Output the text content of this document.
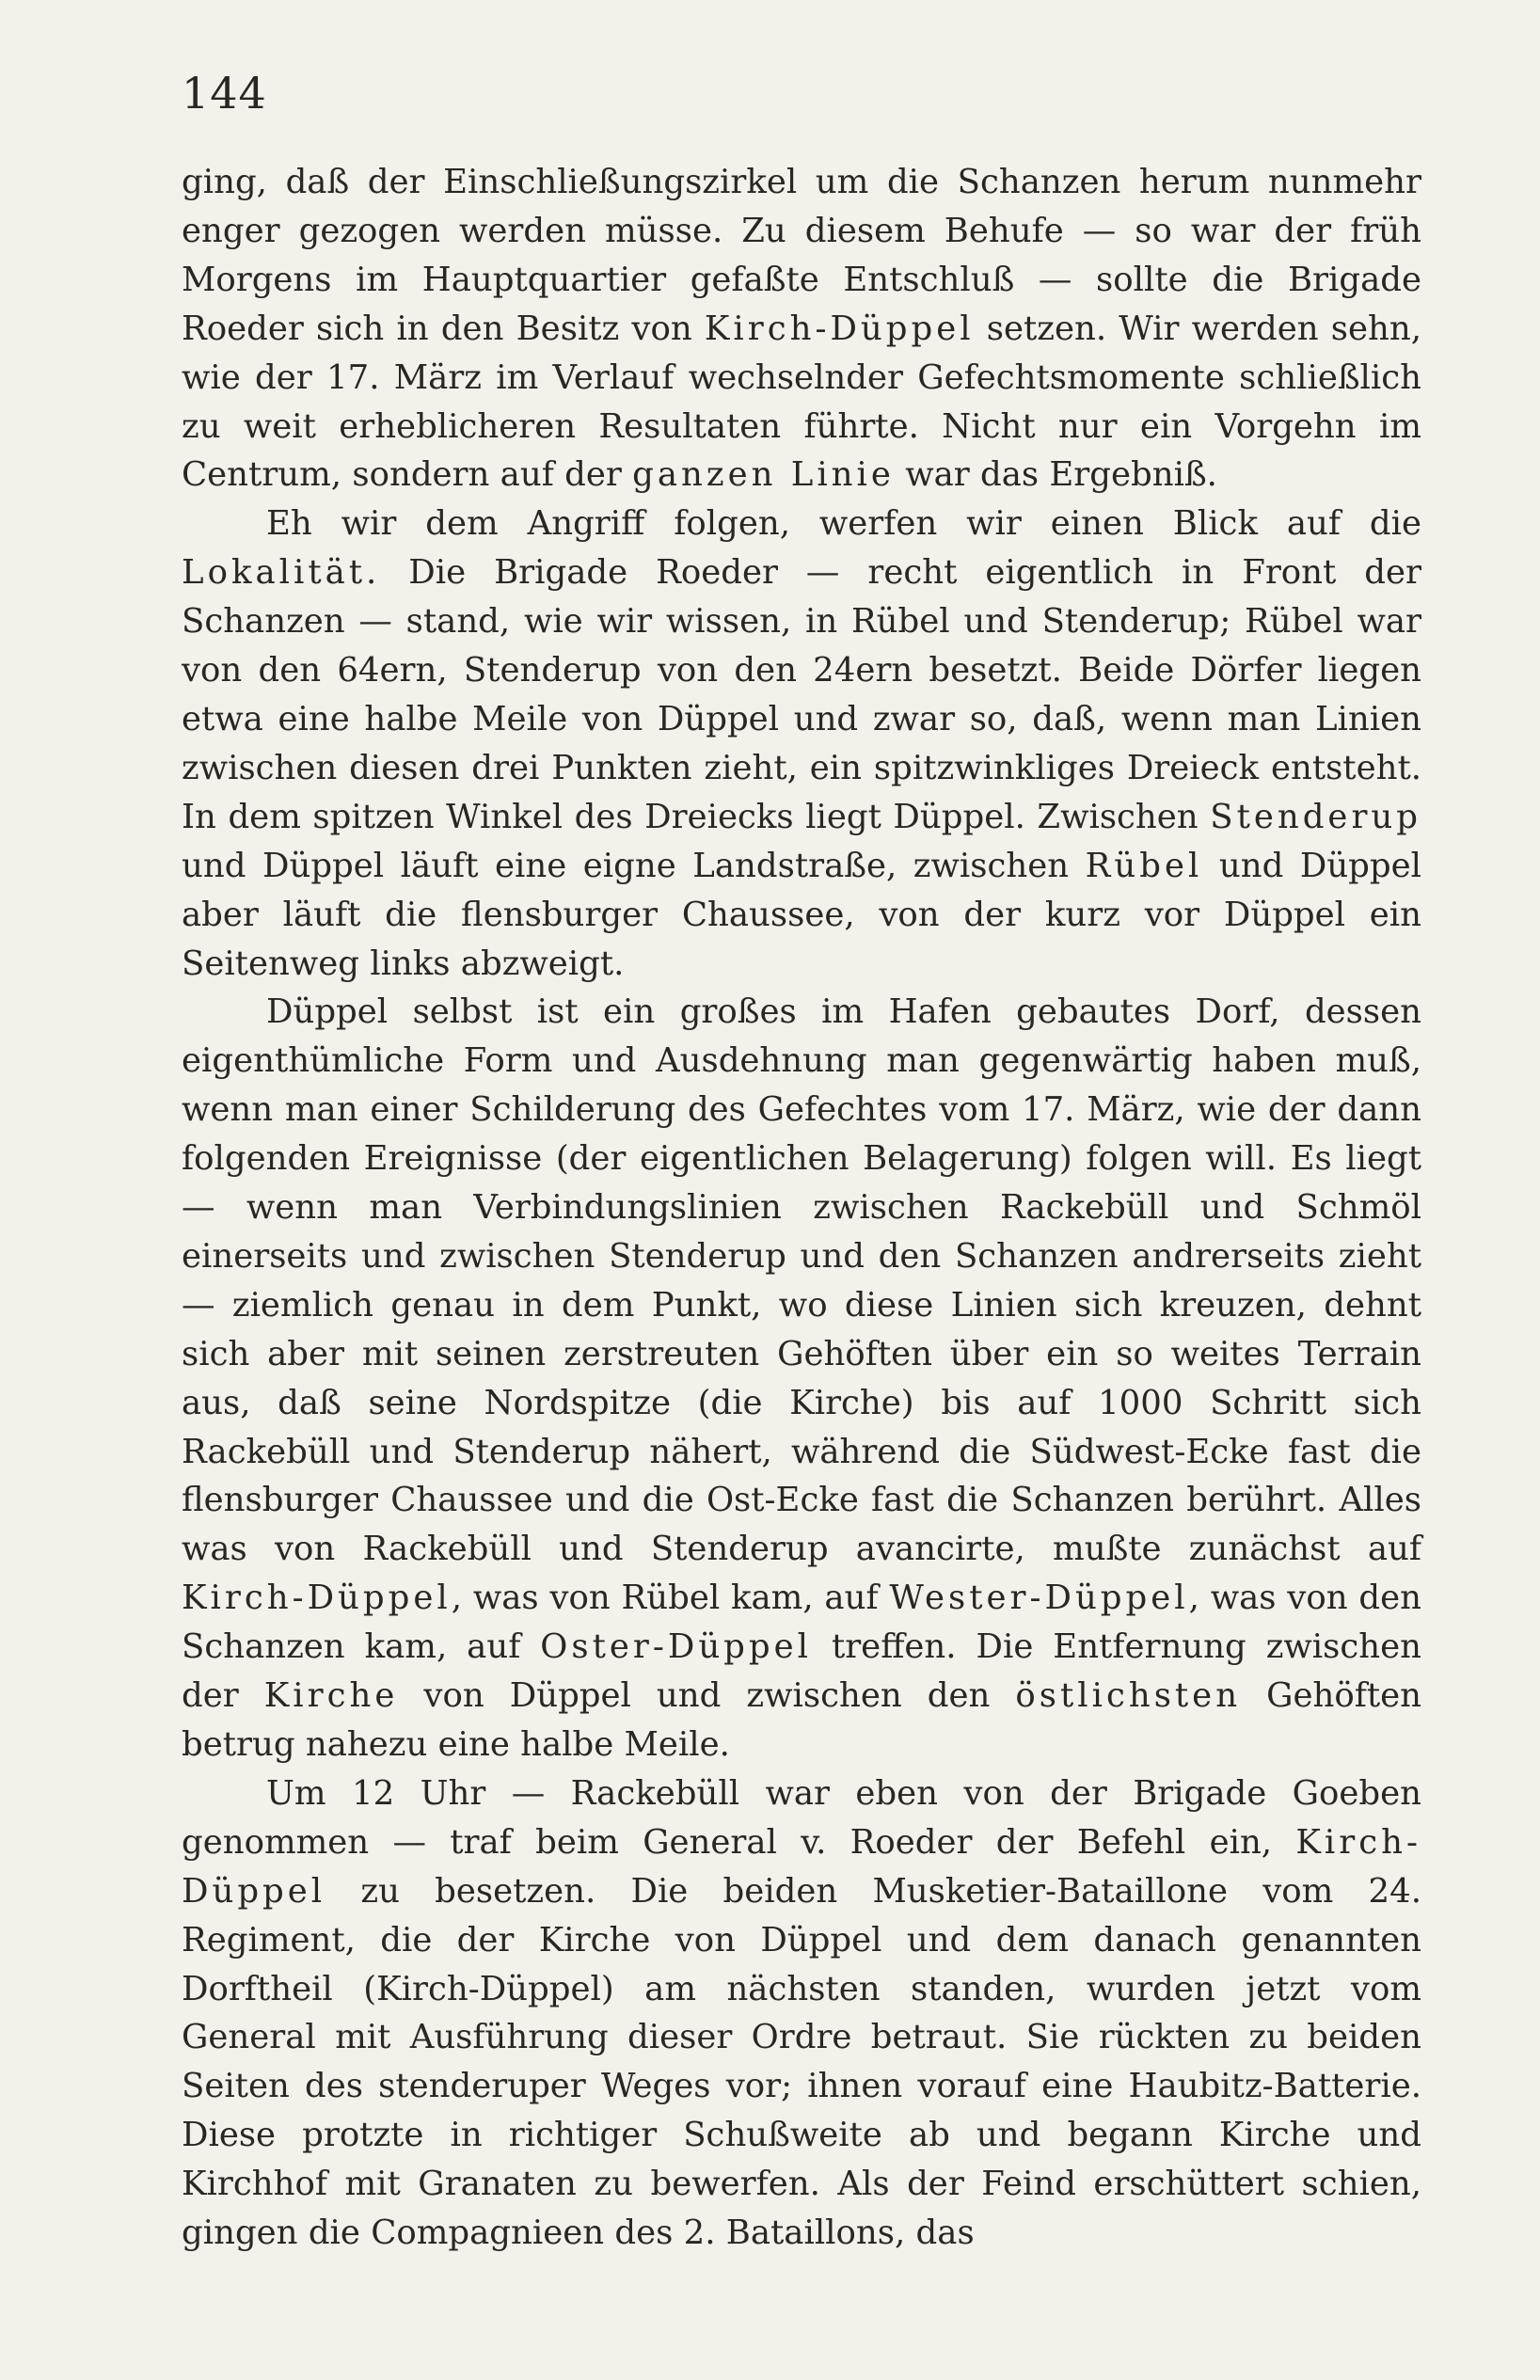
144

ging, daß der Einschließungszirkel um die Schanzen herum nunmehr enger gezogen werden müsse. Zu diesem Behufe — so war der früh Morgens im Hauptquartier gefaßte Entschluß — sollte die Brigade Roeder sich in den Besitz von Kirch-Düppel setzen. Wir werden sehn, wie der 17. März im Verlauf wechselnder Gefechtsmomente schließlich zu weit erheblicheren Resultaten führte. Nicht nur ein Vorgehn im Centrum, sondern auf der ganzen Linie war das Ergebniß.

Eh wir dem Angriff folgen, werfen wir einen Blick auf die Lokalität. Die Brigade Roeder — recht eigentlich in Front der Schanzen — stand, wie wir wissen, in Rübel und Stenderup; Rübel war von den 64ern, Stenderup von den 24ern besetzt. Beide Dörfer liegen etwa eine halbe Meile von Düppel und zwar so, daß, wenn man Linien zwischen diesen drei Punkten zieht, ein spitzwinkliges Dreieck entsteht. In dem spitzen Winkel des Dreiecks liegt Düppel. Zwischen Stenderup und Düppel läuft eine eigne Landstraße, zwischen Rübel und Düppel aber läuft die flensburger Chaussee, von der kurz vor Düppel ein Seitenweg links abzweigt.

Düppel selbst ist ein großes im Hafen gebautes Dorf, dessen eigenthümliche Form und Ausdehnung man gegenwärtig haben muß, wenn man einer Schilderung des Gefechtes vom 17. März, wie der dann folgenden Ereignisse (der eigentlichen Belagerung) folgen will. Es liegt — wenn man Verbindungslinien zwischen Rackebüll und Schmöl einerseits und zwischen Stenderup und den Schanzen andrerseits zieht — ziemlich genau in dem Punkt, wo diese Linien sich kreuzen, dehnt sich aber mit seinen zerstreuten Gehöften über ein so weites Terrain aus, daß seine Nordspitze (die Kirche) bis auf 1000 Schritt sich Rackebüll und Stenderup nähert, während die Südwest-Ecke fast die flensburger Chaussee und die Ost-Ecke fast die Schanzen berührt. Alles was von Rackebüll und Stenderup avancirte, mußte zunächst auf Kirch-Düppel, was von Rübel kam, auf Wester-Düppel, was von den Schanzen kam, auf Oster-Düppel treffen. Die Entfernung zwischen der Kirche von Düppel und zwischen den östlichsten Gehöften betrug nahezu eine halbe Meile.

Um 12 Uhr — Rackebüll war eben von der Brigade Goeben genommen — traf beim General v. Roeder der Befehl ein, Kirch-Düppel zu besetzen. Die beiden Musketier-Bataillone vom 24. Regiment, die der Kirche von Düppel und dem danach genannten Dorftheil (Kirch-Düppel) am nächsten standen, wurden jetzt vom General mit Ausführung dieser Ordre betraut. Sie rückten zu beiden Seiten des stenderuper Weges vor; ihnen vorauf eine Haubitz-Batterie. Diese protzte in richtiger Schußweite ab und begann Kirche und Kirchhof mit Granaten zu bewerfen. Als der Feind erschüttert schien, gingen die Compagnieen des 2. Bataillons, das
